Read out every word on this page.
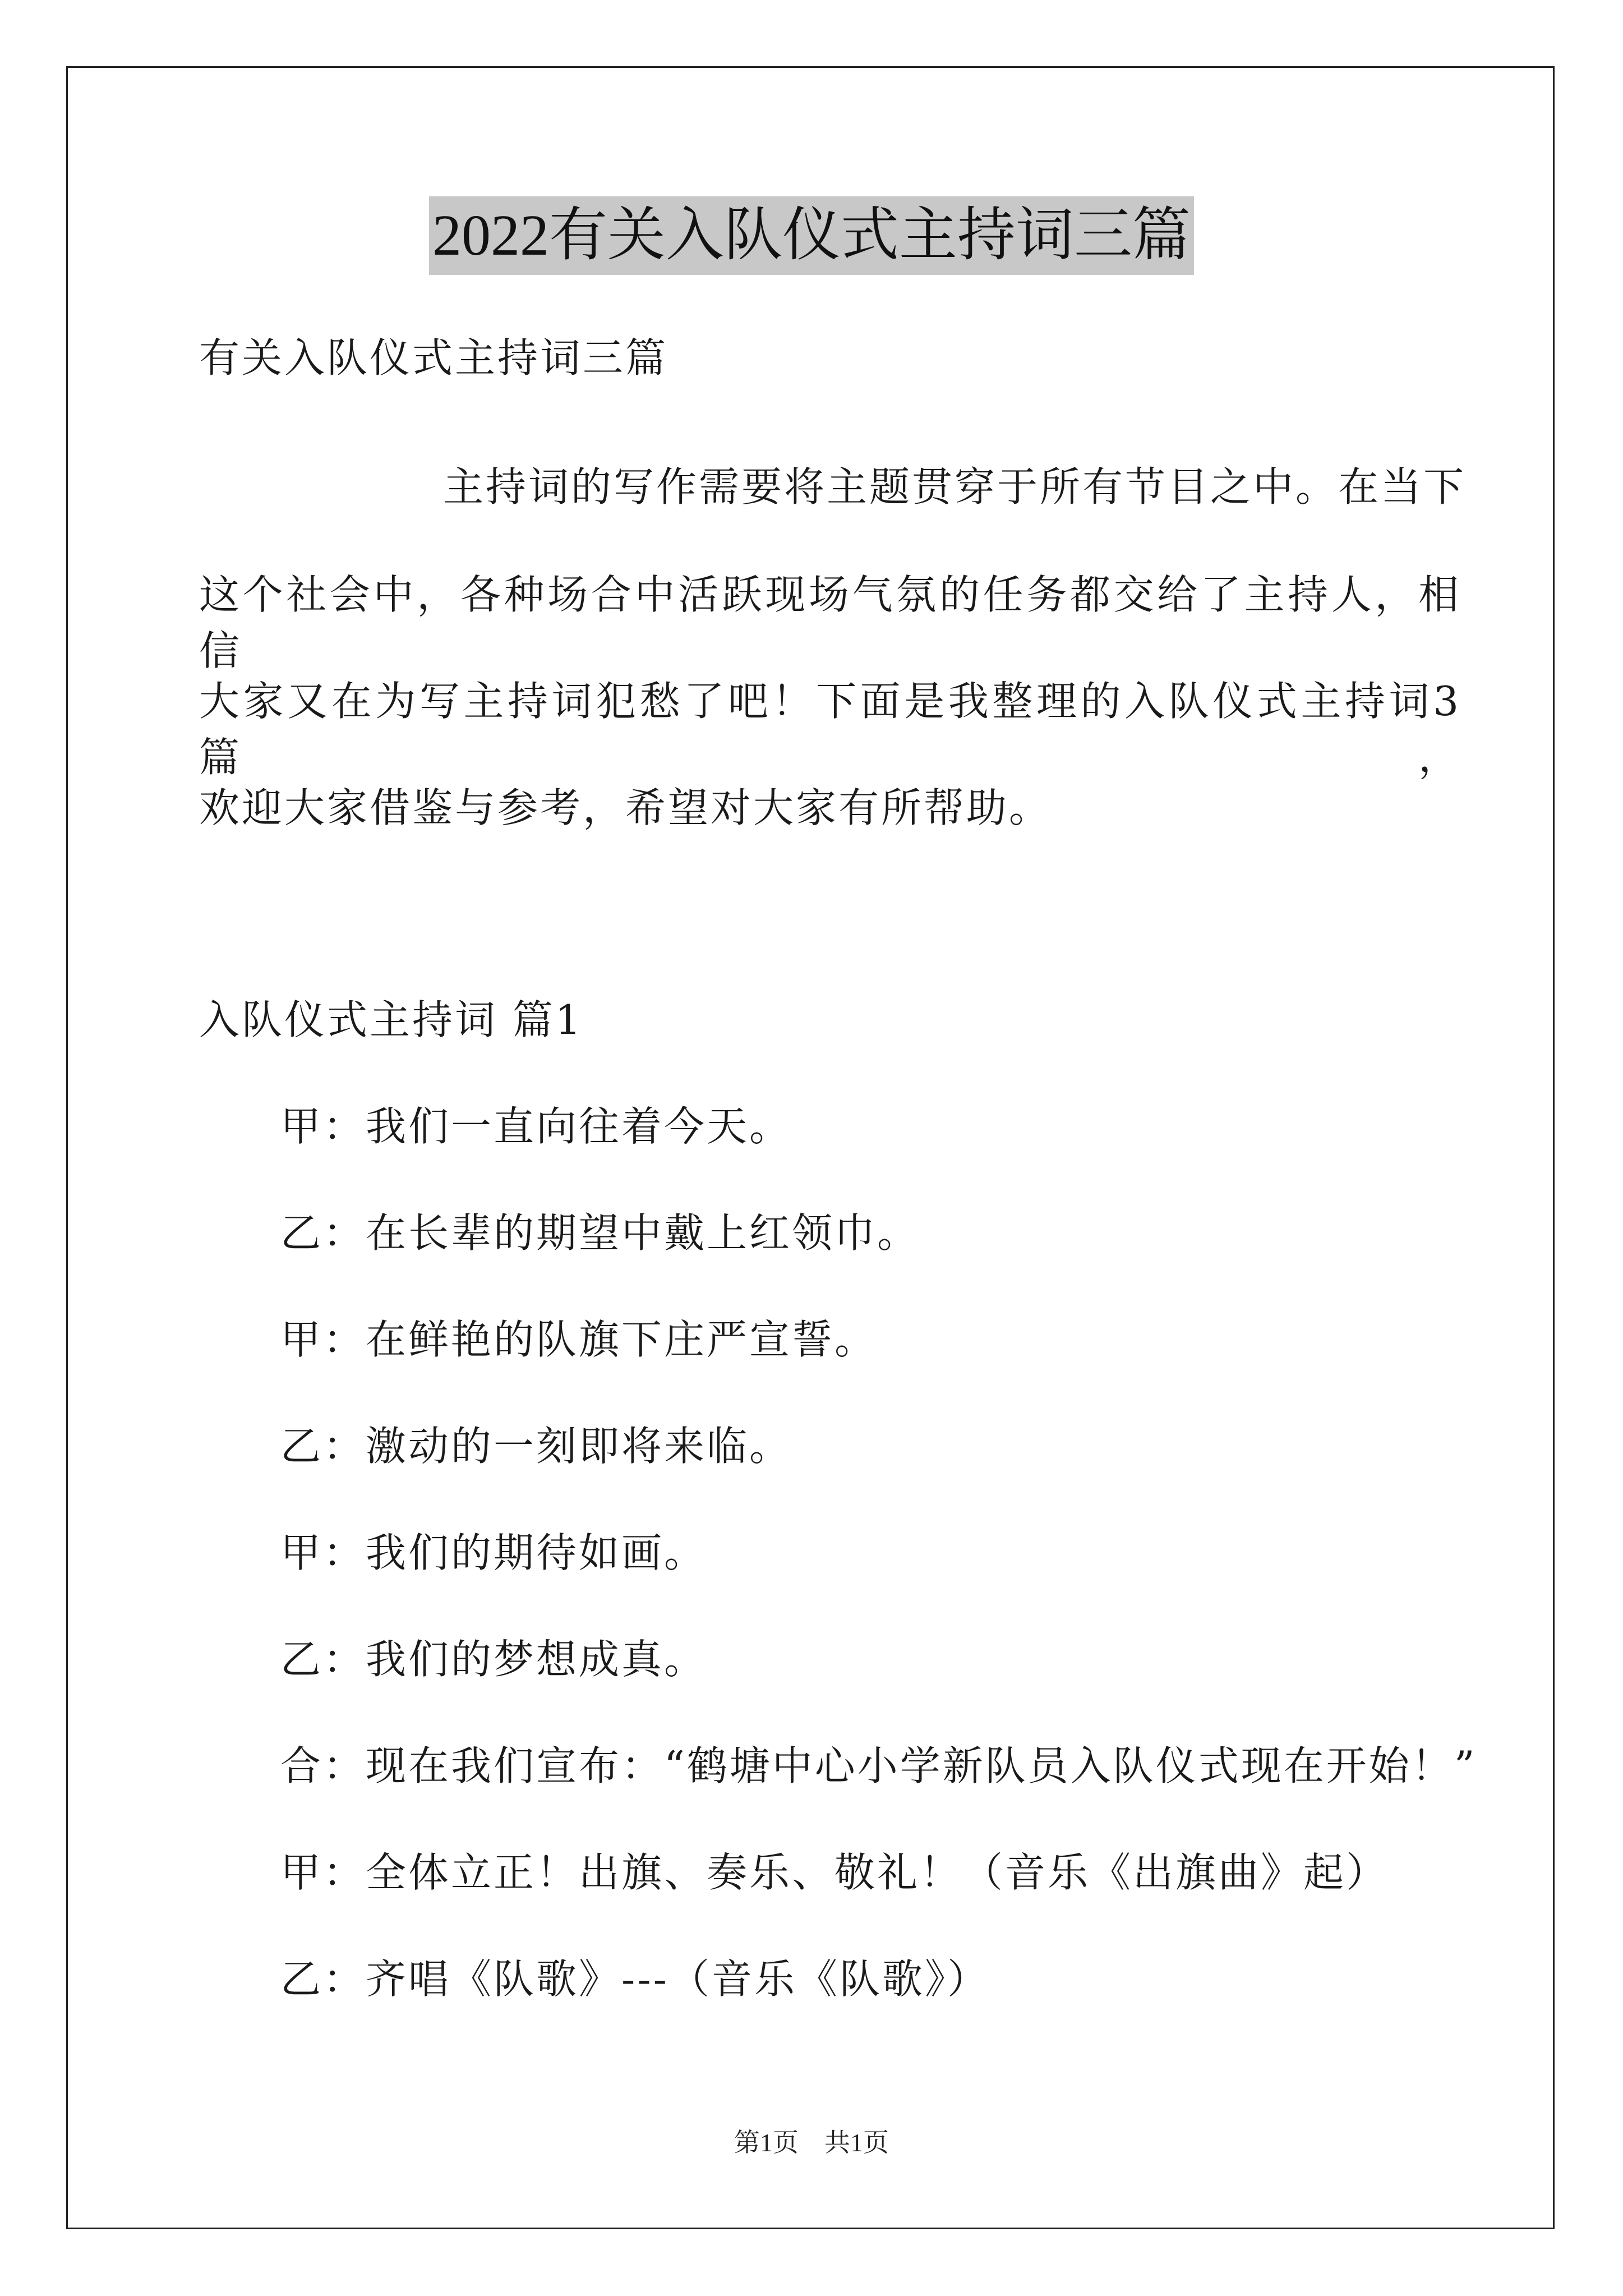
2022有关入队仪式主持词三篇
有关入队仪式主持词三篇
主持词的写作需要将主题贯穿于所有节目之中。在当下
这个社会中，各种场合中活跃现场气氛的任务都交给了主持人，相信
大家又在为写主持词犯愁了吧！下面是我整理的入队仪式主持词3篇，
欢迎大家借鉴与参考，希望对大家有所帮助。
入队仪式主持词 篇1
甲：我们一直向往着今天。
乙：在长辈的期望中戴上红领巾。
甲：在鲜艳的队旗下庄严宣誓。
乙：激动的一刻即将来临。
甲：我们的期待如画。
乙：我们的梦想成真。
合：现在我们宣布：“鹤塘中心小学新队员入队仪式现在开始！”
甲：全体立正！出旗、奏乐、敬礼！（音乐《出旗曲》起）
乙：齐唱《队歌》---（音乐《队歌》）
第1页　共1页
